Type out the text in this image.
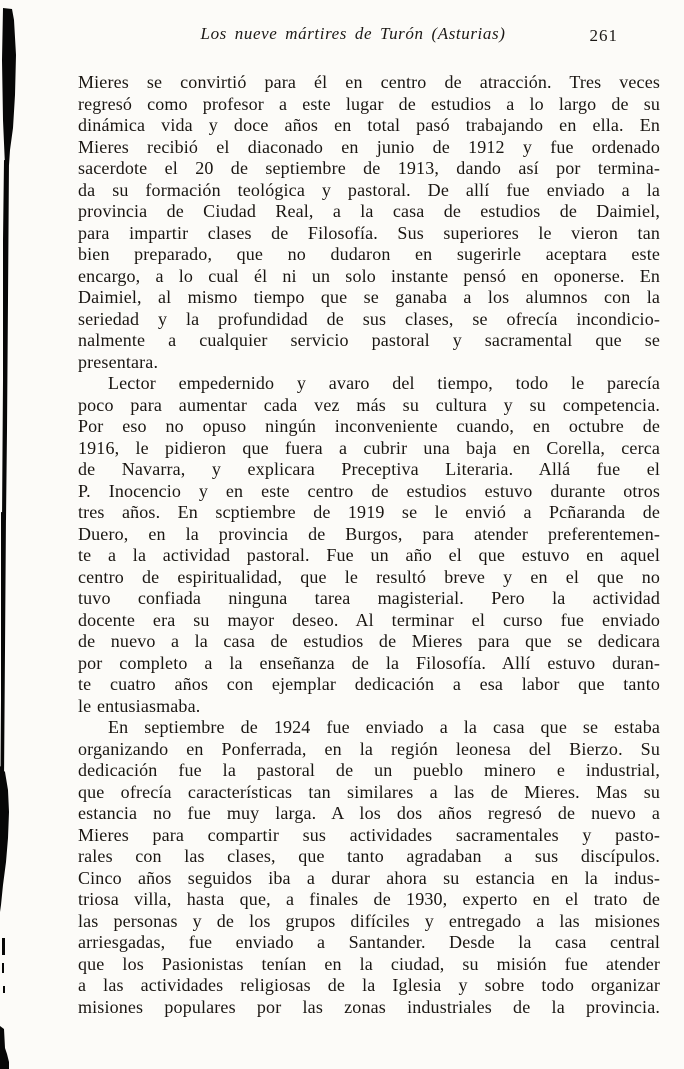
Los nueve mártires de Turón (Asturias)	261
Mieres se convirtió para él en centro de atracción. Tres veces
regresó como profesor a este lugar de estudios a lo largo de su
dinámica vida y doce años en total pasó trabajando en ella. En
Mieres recibió el diaconado en junio de 1912 y fue ordenado
sacerdote el 20 de septiembre de 1913, dando así por termina-
da su formación teológica y pastoral. De allí fue enviado a la
provincia de Ciudad Real, a la casa de estudios de Daimiel,
para impartir clases de Filosofía. Sus superiores le vieron tan
bien preparado, que no dudaron en sugerirle aceptara este
encargo, a lo cual él ni un solo instante pensó en oponerse. En
Daimiel, al mismo tiempo que se ganaba a los alumnos con la
seriedad y la profundidad de sus clases, se ofrecía incondicio-
nalmente a cualquier servicio pastoral y sacramental que se
presentara.
Lector empedernido y avaro del tiempo, todo le parecía
poco para aumentar cada vez más su cultura y su competencia.
Por eso no opuso ningún inconveniente cuando, en octubre de
1916, le pidieron que fuera a cubrir una baja en Corella, cerca
de Navarra, y explicara Preceptiva Literaria. Allá fue el
P. Inocencio y en este centro de estudios estuvo durante otros
tres años. En scptiembre de 1919 se le envió a Pcñaranda de
Duero, en la provincia de Burgos, para atender preferentemen-
te a la actividad pastoral. Fue un año el que estuvo en aquel
centro de espiritualidad, que le resultó breve y en el que no
tuvo confiada ninguna tarea magisterial. Pero la actividad
docente era su mayor deseo. Al terminar el curso fue enviado
de nuevo a la casa de estudios de Mieres para que se dedicara
por completo a la enseñanza de la Filosofía. Allí estuvo duran-
te cuatro años con ejemplar dedicación a esa labor que tanto
le entusiasmaba.
En septiembre de 1924 fue enviado a la casa que se estaba
organizando en Ponferrada, en la región leonesa del Bierzo. Su
dedicación fue la pastoral de un pueblo minero e industrial,
que ofrecía características tan similares a las de Mieres. Mas su
estancia no fue muy larga. A los dos años regresó de nuevo a
Mieres para compartir sus actividades sacramentales y pasto-
rales con las clases, que tanto agradaban a sus discípulos.
Cinco años seguidos iba a durar ahora su estancia en la indus-
triosa villa, hasta que, a finales de 1930, experto en el trato de
las personas y de los grupos difíciles y entregado a las misiones
arriesgadas, fue enviado a Santander. Desde la casa central
que los Pasionistas tenían en la ciudad, su misión fue atender
a las actividades religiosas de la Iglesia y sobre todo organizar
misiones populares por las zonas industriales de la provincia.
